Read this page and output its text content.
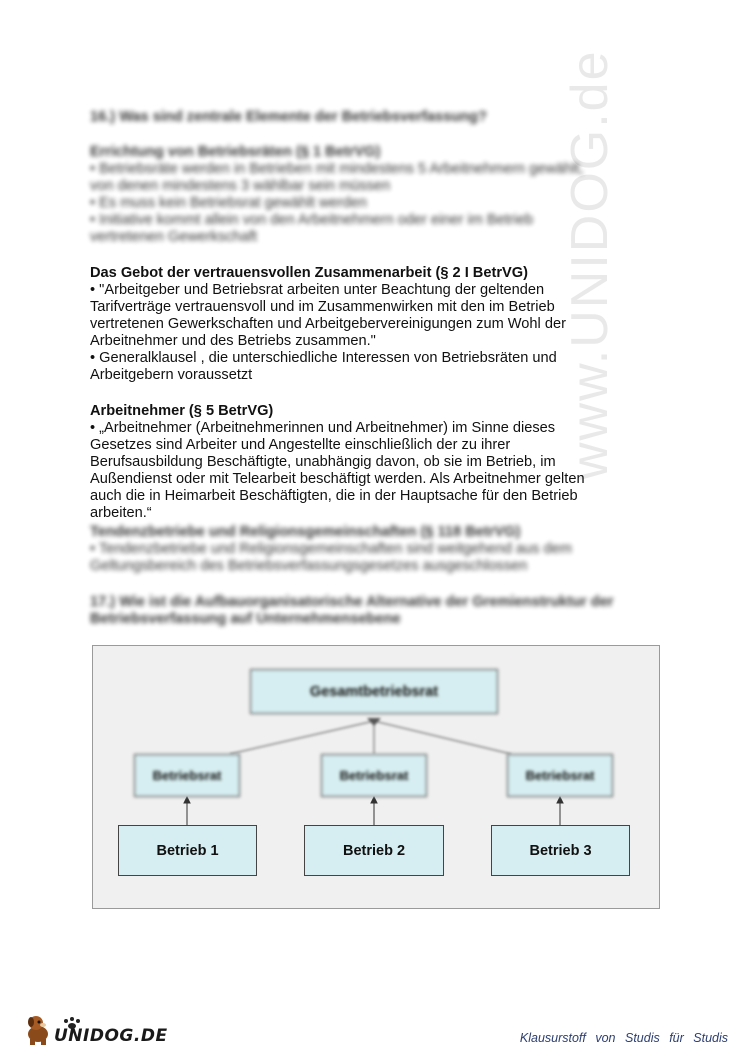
www.UNIDOG.de

16.) Was sind zentrale Elemente der Betriebsverfassung?

Errichtung von Betriebsräten (§ 1 BetrVG)

• Betriebsräte werden in Betrieben mit mindestens 5 Arbeitnehmern gewählt,

von denen mindestens 3 wählbar sein müssen

• Es muss kein Betriebsrat gewählt werden

• Initiative kommt allein von den Arbeitnehmern oder einer im Betrieb

vertretenen Gewerkschaft

Das Gebot der vertrauensvollen Zusammenarbeit (§ 2 I BetrVG)

• "Arbeitgeber und Betriebsrat arbeiten unter Beachtung der geltenden

Tarifverträge vertrauensvoll und im Zusammenwirken mit den im Betrieb

vertretenen Gewerkschaften und Arbeitgebervereinigungen zum Wohl der

Arbeitnehmer und des Betriebs zusammen."

• Generalklausel , die unterschiedliche Interessen von Betriebsräten und

Arbeitgebern voraussetzt

Arbeitnehmer (§ 5 BetrVG)

• „Arbeitnehmer (Arbeitnehmerinnen und Arbeitnehmer) im Sinne dieses

Gesetzes sind Arbeiter und Angestellte einschließlich der zu ihrer

Berufsausbildung Beschäftigte, unabhängig davon, ob sie im Betrieb, im

Außendienst oder mit Telearbeit beschäftigt werden. Als Arbeitnehmer gelten

auch die in Heimarbeit Beschäftigten, die in der Hauptsache für den Betrieb

arbeiten.“

Tendenzbetriebe und Religionsgemeinschaften (§ 118 BetrVG)

• Tendenzbetriebe und Religionsgemeinschaften sind weitgehend aus dem

Geltungsbereich des Betriebsverfassungsgesetzes ausgeschlossen

17.) Wie ist die Aufbauorganisatorische Alternative der Gremienstruktur der

Betriebsverfassung auf Unternehmensebene

Gesamtbetriebsrat
Betriebsrat	Betriebsrat	Betriebsrat
Betrieb 1	Betrieb 2	Betrieb 3
UNIDOG.DE	Klausurstoff von Studis für Studis
